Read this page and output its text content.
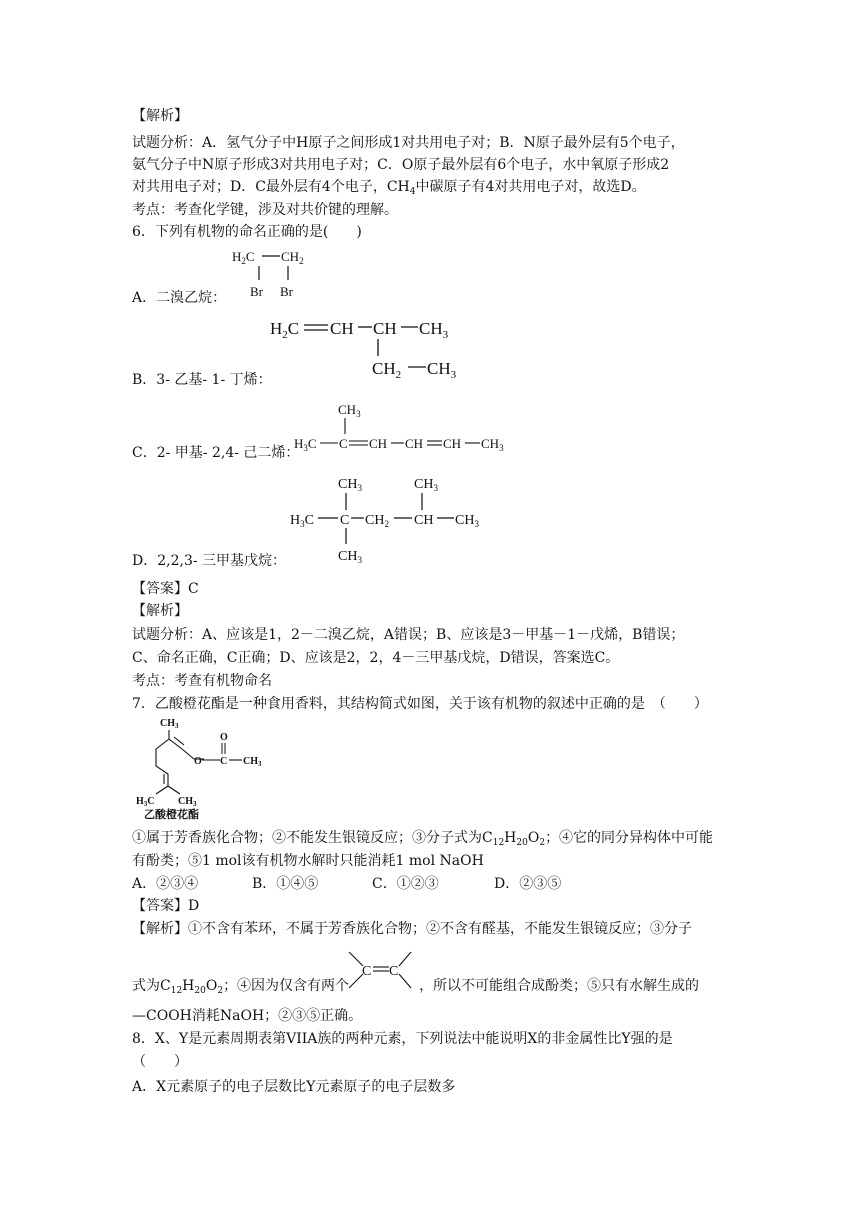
【解析】
试题分析：A．氢气分子中H原子之间形成1对共用电子对；B．N原子最外层有5个电子，
氨气分子中N原子形成3对共用电子对；C．O原子最外层有6个电子，水中氧原子形成2
对共用电子对；D．C最外层有4个电子，$CH_4$中碳原子有4对共用电子对，故选D。
考点：考查化学键，涉及对共价键的理解。
6．下列有机物的命名正确的是(　　)
$H_2C$ $CH_2$
Br Br
A．二溴乙烷：
$H_2C$ CH CH $CH_3$
$CH_2$ $CH_3$
B．3- 乙基- 1- 丁烯：
$CH_3$
$H_3C$ C CH CH CH $CH_3$
C．2- 甲基- 2,4- 己二烯：
$CH_3$	$CH_3$
$H_3C$ C $CH_2$ CH $CH_3$
$CH_3$
D．2,2,3- 三甲基戊烷：
【答案】C
【解析】
试题分析：A、应该是1，2－二溴乙烷，A错误；B、应该是3－甲基－1－戊烯，B错误；
C、命名正确，C正确；D、应该是2，2，4－三甲基戊烷，D错误，答案选C。
考点：考查有机物命名
7．乙酸橙花酯是一种食用香料，其结构简式如图，关于该有机物的叙述中正确的是　（　　）
$CH_3$
$H_3C$ $CH_3$
O C
O
$CH_3$
乙酸橙花酯
①属于芳香族化合物；②不能发生银镜反应；③分子式为$C_{12}H_{20}O_2$；④它的同分异构体中可能
有酚类；⑤1 mol该有机物水解时只能消耗1 mol NaOH
A．②③④	B．①④⑤	C．①②③	D．②③⑤
【答案】D
【解析】①不含有苯环，不属于芳香族化合物；②不含有醛基，不能发生银镜反应；③分子
C C
式为$C_{12}H_{20}O_2$；④因为仅含有两个	，所以不可能组合成酚类；⑤只有水解生成的
—COOH消耗NaOH；②③⑤正确。
8．X、Y是元素周期表第VIIA族的两种元素，下列说法中能说明X的非金属性比Y强的是
（　　）
A．X元素原子的电子层数比Y元素原子的电子层数多
